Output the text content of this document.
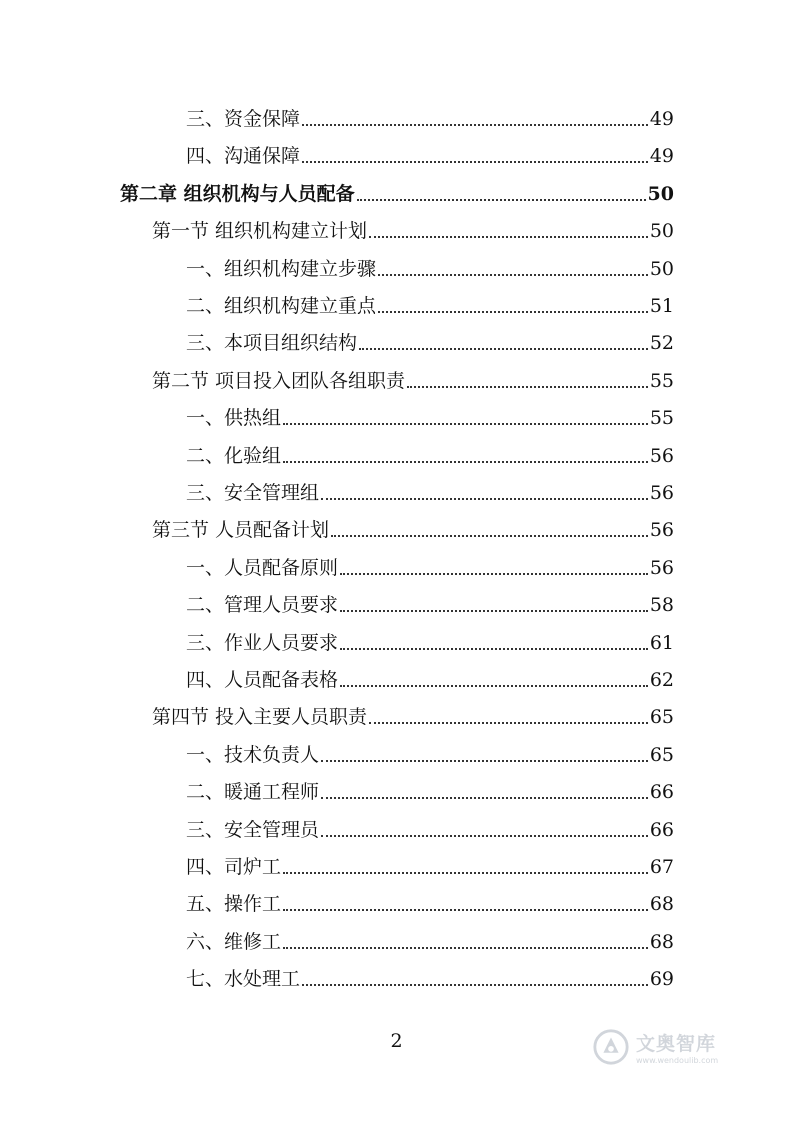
三、资金保障	49
四、沟通保障	49
第二章 组织机构与人员配备	50
第一节 组织机构建立计划	50
一、组织机构建立步骤	50
二、组织机构建立重点	51
三、本项目组织结构	52
第二节 项目投入团队各组职责	55
一、供热组	55
二、化验组	56
三、安全管理组	56
第三节 人员配备计划	56
一、人员配备原则	56
二、管理人员要求	58
三、作业人员要求	61
四、人员配备表格	62
第四节 投入主要人员职责	65
一、技术负责人	65
二、暖通工程师	66
三、安全管理员	66
四、司炉工	67
五、操作工	68
六、维修工	68
七、水处理工	69
2	文奥智库
www.wendoulib.com
